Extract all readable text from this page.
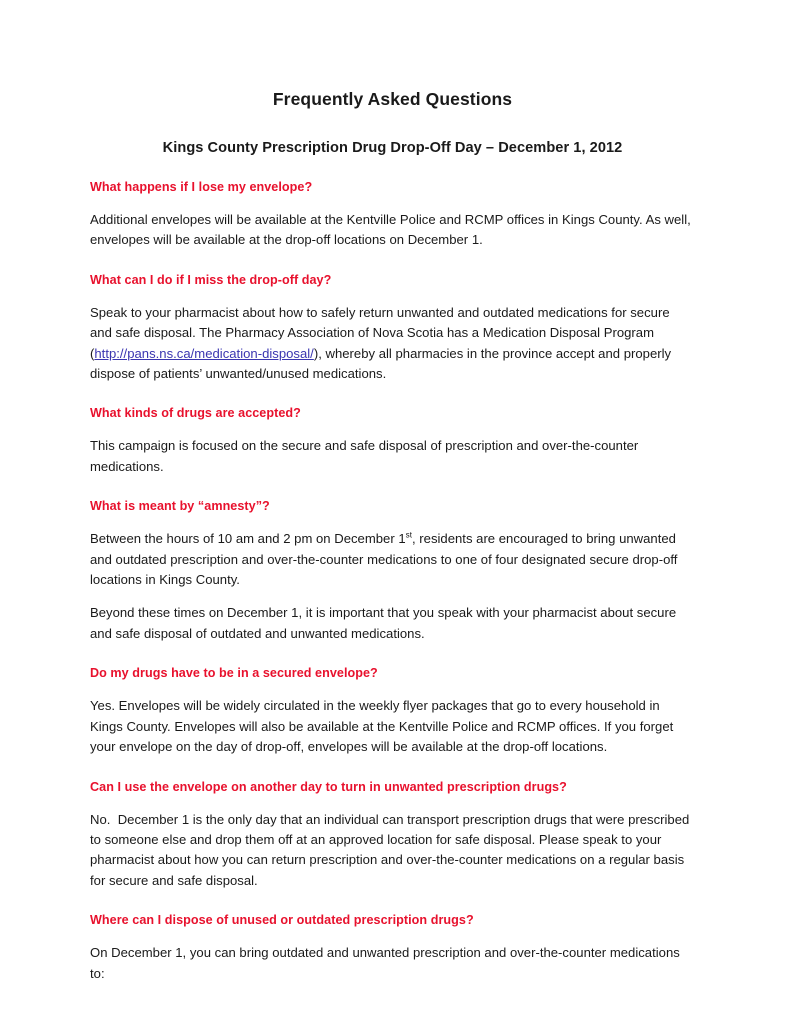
Frequently Asked Questions
Kings County Prescription Drug Drop-Off Day – December 1, 2012

What happens if I lose my envelope?

Additional envelopes will be available at the Kentville Police and RCMP offices in Kings County. As well, envelopes will be available at the drop-off locations on December 1.

What can I do if I miss the drop-off day?

Speak to your pharmacist about how to safely return unwanted and outdated medications for secure and safe disposal. The Pharmacy Association of Nova Scotia has a Medication Disposal Program (http://pans.ns.ca/medication-disposal/), whereby all pharmacies in the province accept and properly dispose of patients’ unwanted/unused medications.

What kinds of drugs are accepted?

This campaign is focused on the secure and safe disposal of prescription and over-the-counter medications.

What is meant by “amnesty”?

Between the hours of 10 am and 2 pm on December 1st, residents are encouraged to bring unwanted and outdated prescription and over-the-counter medications to one of four designated secure drop-off locations in Kings County.

Beyond these times on December 1, it is important that you speak with your pharmacist about secure and safe disposal of outdated and unwanted medications.

Do my drugs have to be in a secured envelope?

Yes. Envelopes will be widely circulated in the weekly flyer packages that go to every household in Kings County. Envelopes will also be available at the Kentville Police and RCMP offices. If you forget your envelope on the day of drop-off, envelopes will be available at the drop-off locations.

Can I use the envelope on another day to turn in unwanted prescription drugs?

No.  December 1 is the only day that an individual can transport prescription drugs that were prescribed to someone else and drop them off at an approved location for safe disposal. Please speak to your pharmacist about how you can return prescription and over-the-counter medications on a regular basis for secure and safe disposal.

Where can I dispose of unused or outdated prescription drugs?

On December 1, you can bring outdated and unwanted prescription and over-the-counter medications to:
